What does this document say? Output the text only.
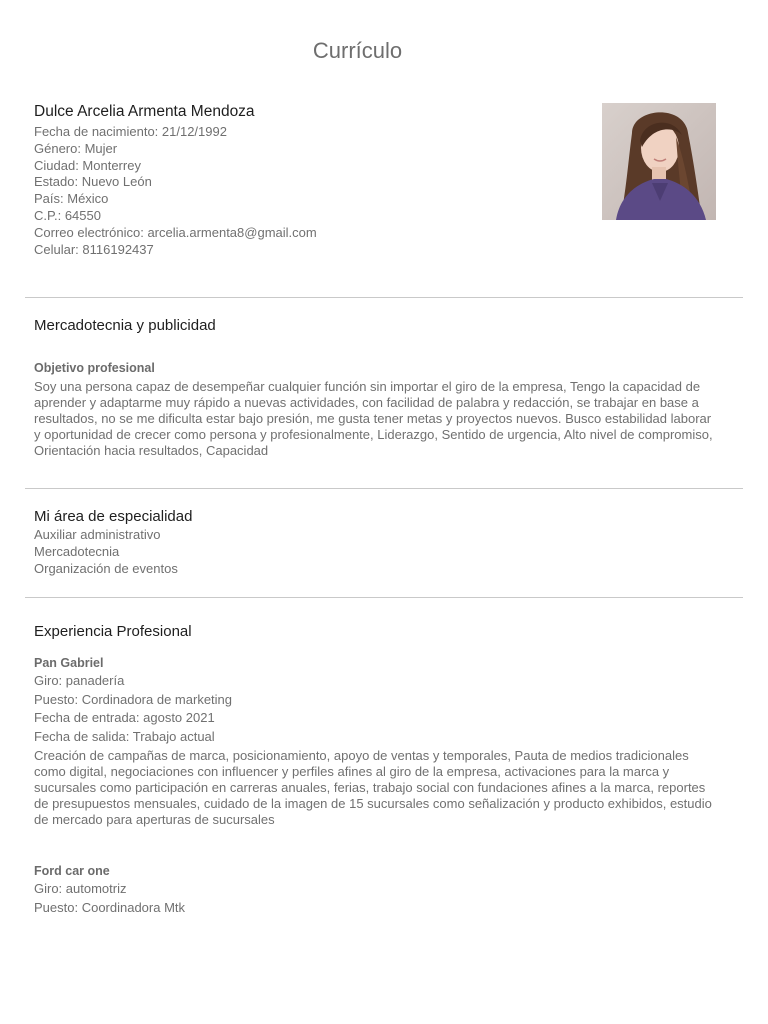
Currículo
Dulce Arcelia Armenta Mendoza
Fecha de nacimiento: 21/12/1992
Género: Mujer
Ciudad: Monterrey
Estado: Nuevo León
País: México
C.P.: 64550
Correo electrónico: arcelia.armenta8@gmail.com
Celular: 8116192437
Mercadotecnia y publicidad
Objetivo profesional
Soy una persona capaz de desempeñar cualquier función sin importar el giro de la empresa, Tengo la capacidad de
aprender y adaptarme muy rápido a nuevas actividades, con facilidad de palabra y redacción, se trabajar en base a
resultados, no se me dificulta estar bajo presión, me gusta tener metas y proyectos nuevos. Busco estabilidad laborar
y oportunidad de crecer como persona y profesionalmente, Liderazgo, Sentido de urgencia, Alto nivel de compromiso,
Orientación hacia resultados, Capacidad
Mi área de especialidad
Auxiliar administrativo
Mercadotecnia
Organización de eventos
Experiencia Profesional
Pan Gabriel
Giro: panadería
Puesto: Cordinadora de marketing
Fecha de entrada: agosto 2021
Fecha de salida: Trabajo actual
Creación de campañas de marca, posicionamiento, apoyo de ventas y temporales, Pauta de medios tradicionales
como digital, negociaciones con influencer y perfiles afines al giro de la empresa, activaciones para la marca y
sucursales como participación en carreras anuales, ferias, trabajo social con fundaciones afines a la marca, reportes
de presupuestos mensuales, cuidado de la imagen de 15 sucursales como señalización y producto exhibidos, estudio
de mercado para aperturas de sucursales
Ford car one
Giro: automotriz
Puesto: Coordinadora Mtk
